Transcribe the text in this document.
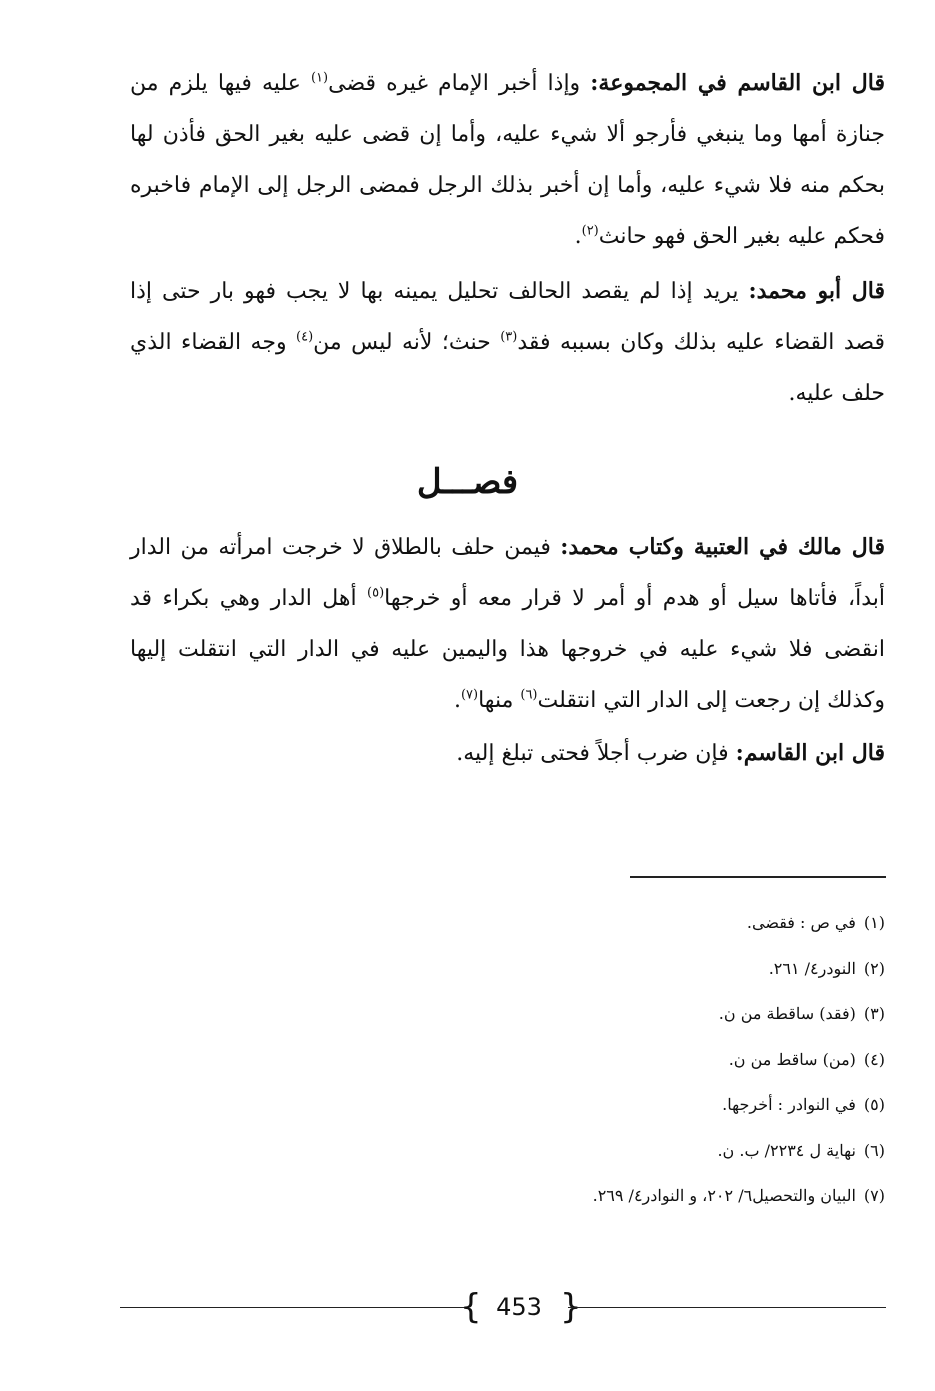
قال ابن القاسم في المجموعة: وإذا أخبر الإمام غيره قضى$^{(١)}$ عليه فيها يلزم من جنازة أمها وما ينبغي فأرجو ألا شيء عليه، وأما إن قضى عليه بغير الحق فأذن لها بحكم منه فلا شيء عليه، وأما إن أخبر بذلك الرجل فمضى الرجل إلى الإمام فاخبره فحكم عليه بغير الحق فهو حانث$^{(٢)}$.

قال أبو محمد: يريد إذا لم يقصد الحالف تحليل يمينه بها لا يجب فهو بار حتى إذا قصد القضاء عليه بذلك وكان بسببه فقد$^{(٣)}$ حنث؛ لأنه ليس من$^{(٤)}$ وجه القضاء الذي حلف عليه.

فصـــل

قال مالك في العتبية وكتاب محمد: فيمن حلف بالطلاق لا خرجت امرأته من الدار أبداً، فأتاها سيل أو هدم أو أمر لا قرار معه أو خرجها$^{(٥)}$ أهل الدار وهي بكراء قد انقضى فلا شيء عليه في خروجها هذا واليمين عليه في الدار التي انتقلت إليها وكذلك إن رجعت إلى الدار التي انتقلت$^{(٦)}$ منها$^{(٧)}$.

قال ابن القاسم: فإن ضرب أجلاً فحتى تبلغ إليه.

(١)في ص : فقضى.
(٢)النودر٤/ ٢٦١.
(٣)(فقد) ساقطة من ن.
(٤)(من) ساقط من ن.
(٥)في النوادر : أخرجها.
(٦)نهاية ل ٢٢٣٤/ ب. ن.
(٧)البيان والتحصيل٦/ ٢٠٢، و النوادر٤/ ٢٦٩.
{ 453 }
